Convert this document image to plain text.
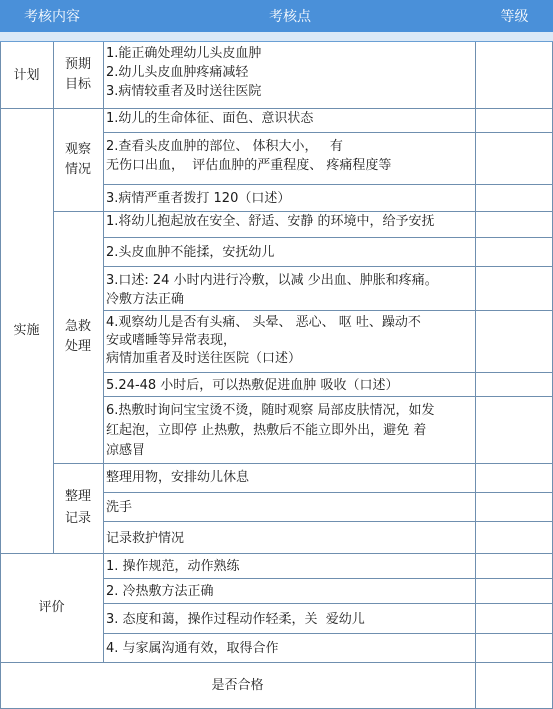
考核内容	考核点	等级
计划
预期
目标
1.能正确处理幼儿头皮血肿
2.幼儿头皮血肿疼痛减轻
3.病情较重者及时送往医院
实施
观察
情况
1.幼儿的生命体征、面色、意识状态
2.查看头皮血肿的部位、 体积大小，   有
无伤口出血，  评估血肿的严重程度、 疼痛程度等
3.病情严重者拨打 120（口述）
急救
处理
1.将幼儿抱起放在安全、舒适、安静 的环境中，给予安抚
2.头皮血肿不能揉，安抚幼儿
3.口述: 24 小时内进行冷敷，以减 少出血、肿胀和疼痛。
冷敷方法正确
4.观察幼儿是否有头痛、 头晕、 恶心、 呕 吐、躁动不
安或嗜睡等异常表现，
病情加重者及时送往医院（口述）
5.24-48 小时后，可以热敷促进血肿 吸收（口述）
6.热敷时询问宝宝烫不烫，随时观察 局部皮肤情况，如发
红起泡，立即停 止热敷，热敷后不能立即外出，避免 着
凉感冒
整理
记录
整理用物，安排幼儿休息
洗手
记录救护情况
评价
1. 操作规范，动作熟练
2. 冷热敷方法正确
3. 态度和蔼，操作过程动作轻柔，关  爱幼儿
4. 与家属沟通有效，取得合作
是否合格
